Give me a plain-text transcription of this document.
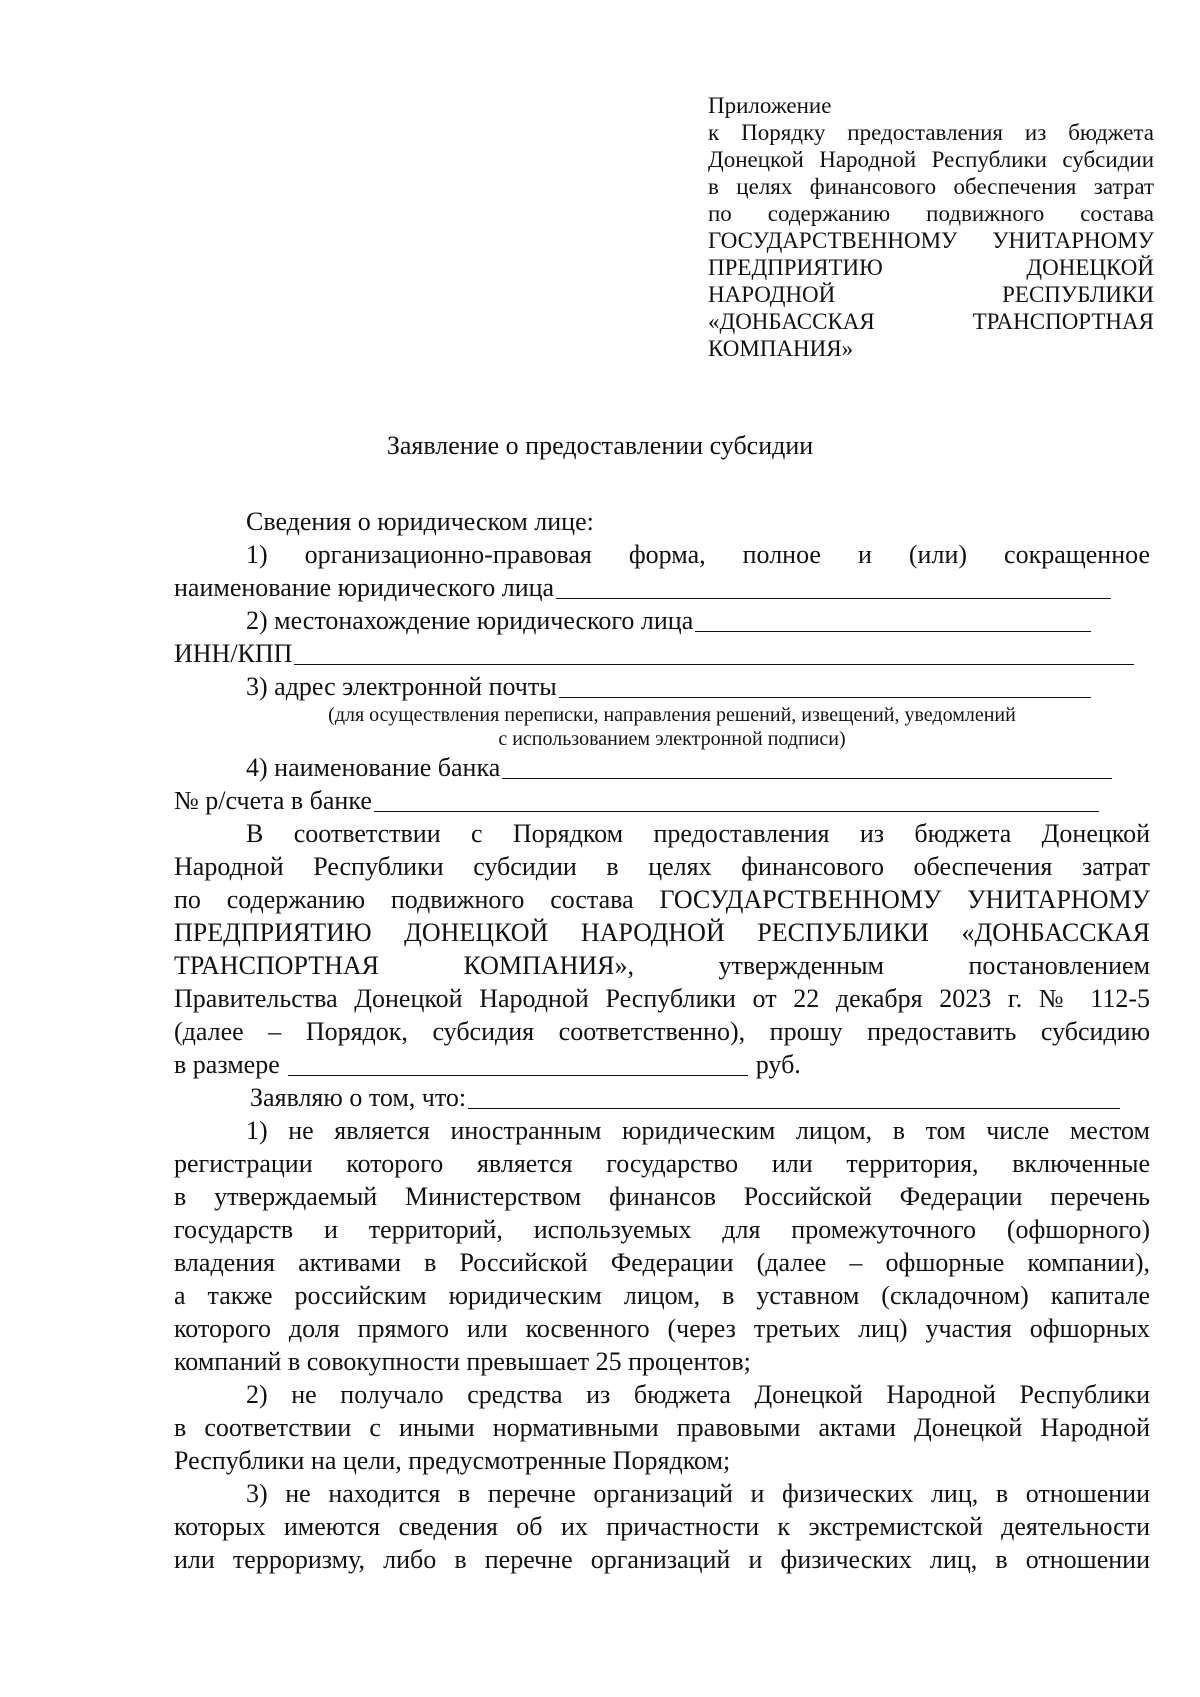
Приложение
к Порядку предоставления из бюджета
Донецкой Народной Республики субсидии
в целях финансового обеспечения затрат
по содержанию подвижного состава
ГОСУДАРСТВЕННОМУ УНИТАРНОМУ
ПРЕДПРИЯТИЮ ДОНЕЦКОЙ
НАРОДНОЙ РЕСПУБЛИКИ
«ДОНБАССКАЯ ТРАНСПОРТНАЯ
КОМПАНИЯ»
Заявление о предоставлении субсидии
Сведения о юридическом лице:
1) организационно-правовая форма, полное и (или) сокращенное
наименование юридического лица
2) местонахождение юридического лица
ИНН/КПП
3) адрес электронной почты
(для осуществления переписки, направления решений, извещений, уведомлений
с использованием электронной подписи)
4) наименование банка
№ р/счета в банке
В соответствии с Порядком предоставления из бюджета Донецкой
Народной Республики субсидии в целях финансового обеспечения затрат
по содержанию подвижного состава ГОСУДАРСТВЕННОМУ УНИТАРНОМУ
ПРЕДПРИЯТИЮ ДОНЕЦКОЙ НАРОДНОЙ РЕСПУБЛИКИ «ДОНБАССКАЯ
ТРАНСПОРТНАЯ КОМПАНИЯ», утвержденным постановлением
Правительства Донецкой Народной Республики от 22 декабря 2023 г. № 112-5
(далее – Порядок, субсидия соответственно), прошу предоставить субсидию
в размере	руб.
Заявляю о том, что:
1) не является иностранным юридическим лицом, в том числе местом
регистрации которого является государство или территория, включенные
в утверждаемый Министерством финансов Российской Федерации перечень
государств и территорий, используемых для промежуточного (офшорного)
владения активами в Российской Федерации (далее – офшорные компании),
а также российским юридическим лицом, в уставном (складочном) капитале
которого доля прямого или косвенного (через третьих лиц) участия офшорных
компаний в совокупности превышает 25 процентов;
2) не получало средства из бюджета Донецкой Народной Республики
в соответствии с иными нормативными правовыми актами Донецкой Народной
Республики на цели, предусмотренные Порядком;
3) не находится в перечне организаций и физических лиц, в отношении
которых имеются сведения об их причастности к экстремистской деятельности
или терроризму, либо в перечне организаций и физических лиц, в отношении
